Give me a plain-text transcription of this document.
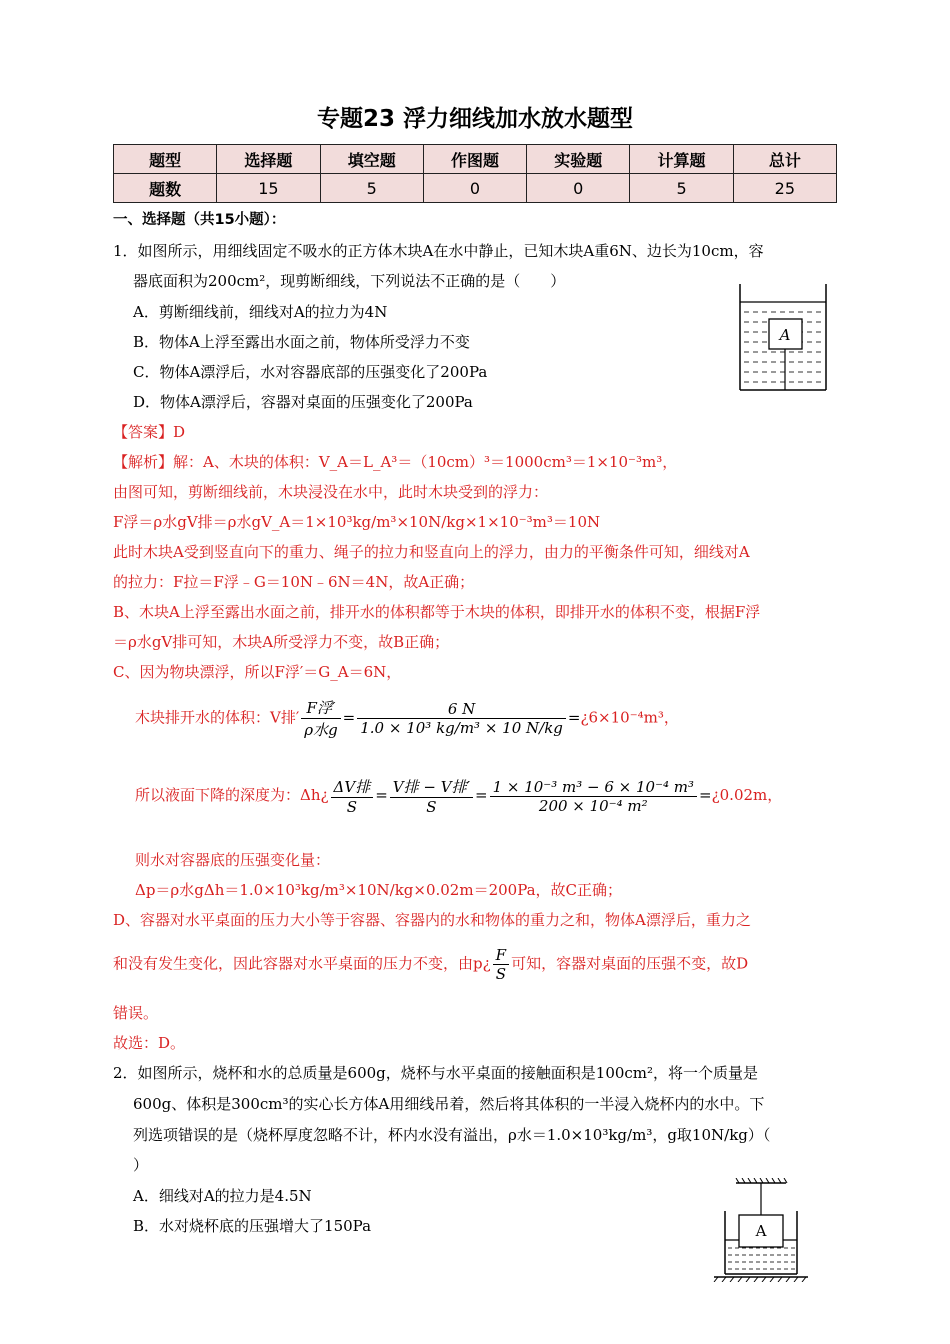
专题23 浮力细线加水放水题型
题型	选择题	填空题	作图题	实验题	计算题	总计
题数	15	5	0	0	5	25
一、选择题（共15小题）：
1．如图所示，用细线固定不吸水的正方体木块A在水中静止，已知木块A重6N、边长为10cm，容
器底面积为200cm²，现剪断细线，下列说法不正确的是（　　）
A．剪断细线前，细线对A的拉力为4N
B．物体A上浮至露出水面之前，物体所受浮力不变
C．物体A漂浮后，水对容器底部的压强变化了200Pa
D．物体A漂浮后，容器对桌面的压强变化了200Pa
A
【答案】D
【解析】解：A、木块的体积：V_A＝L_A³＝（10cm）³＝1000cm³＝1×10⁻³m³，
由图可知，剪断细线前，木块浸没在水中，此时木块受到的浮力：
F浮＝ρ水gV排＝ρ水gV_A＝1×10³kg/m³×10N/kg×1×10⁻³m³＝10N
此时木块A受到竖直向下的重力、绳子的拉力和竖直向上的浮力，由力的平衡条件可知，细线对A
的拉力：F拉＝F浮﹣G＝10N﹣6N＝4N，故A正确；
B、木块A上浮至露出水面之前，排开水的体积都等于木块的体积，即排开水的体积不变，根据F浮
＝ρ水gV排可知，木块A所受浮力不变，故B正确；
C、因为物块漂浮，所以F浮′＝G_A＝6N，
木块排开水的体积：V排′ $\frac{\text{F浮′}}{\text{ρ水g}} = \frac{6 N}{\text{1.0 × 10³ kg/m³ × 10 N/kg}}$ =¿6×10⁻⁴m³，
所以液面下降的深度为：Δh¿ $\frac{\text{ΔV排}}{S} = \frac{\text{V排 − V排′}}{S} = \frac{\text{1 × 10⁻³ m³ − 6 × 10⁻⁴ m³}}{\text{200 × 10⁻⁴ m²}}$ =¿0.02m，
则水对容器底的压强变化量：
Δp＝ρ水gΔh＝1.0×10³kg/m³×10N/kg×0.02m＝200Pa，故C正确；
D、容器对水平桌面的压力大小等于容器、容器内的水和物体的重力之和，物体A漂浮后，重力之
和没有发生变化，因此容器对水平桌面的压力不变，由p¿ $\frac{F}{S}$ 可知，容器对桌面的压强不变，故D
错误。
故选：D。
2．如图所示，烧杯和水的总质量是600g，烧杯与水平桌面的接触面积是100cm²，将一个质量是
600g、体积是300cm³的实心长方体A用细线吊着，然后将其体积的一半浸入烧杯内的水中。下
列选项错误的是（烧杯厚度忽略不计，杯内水没有溢出，ρ水＝1.0×10³kg/m³，g取10N/kg）（
）
A．细线对A的拉力是4.5N
B．水对烧杯底的压强增大了150Pa	A
